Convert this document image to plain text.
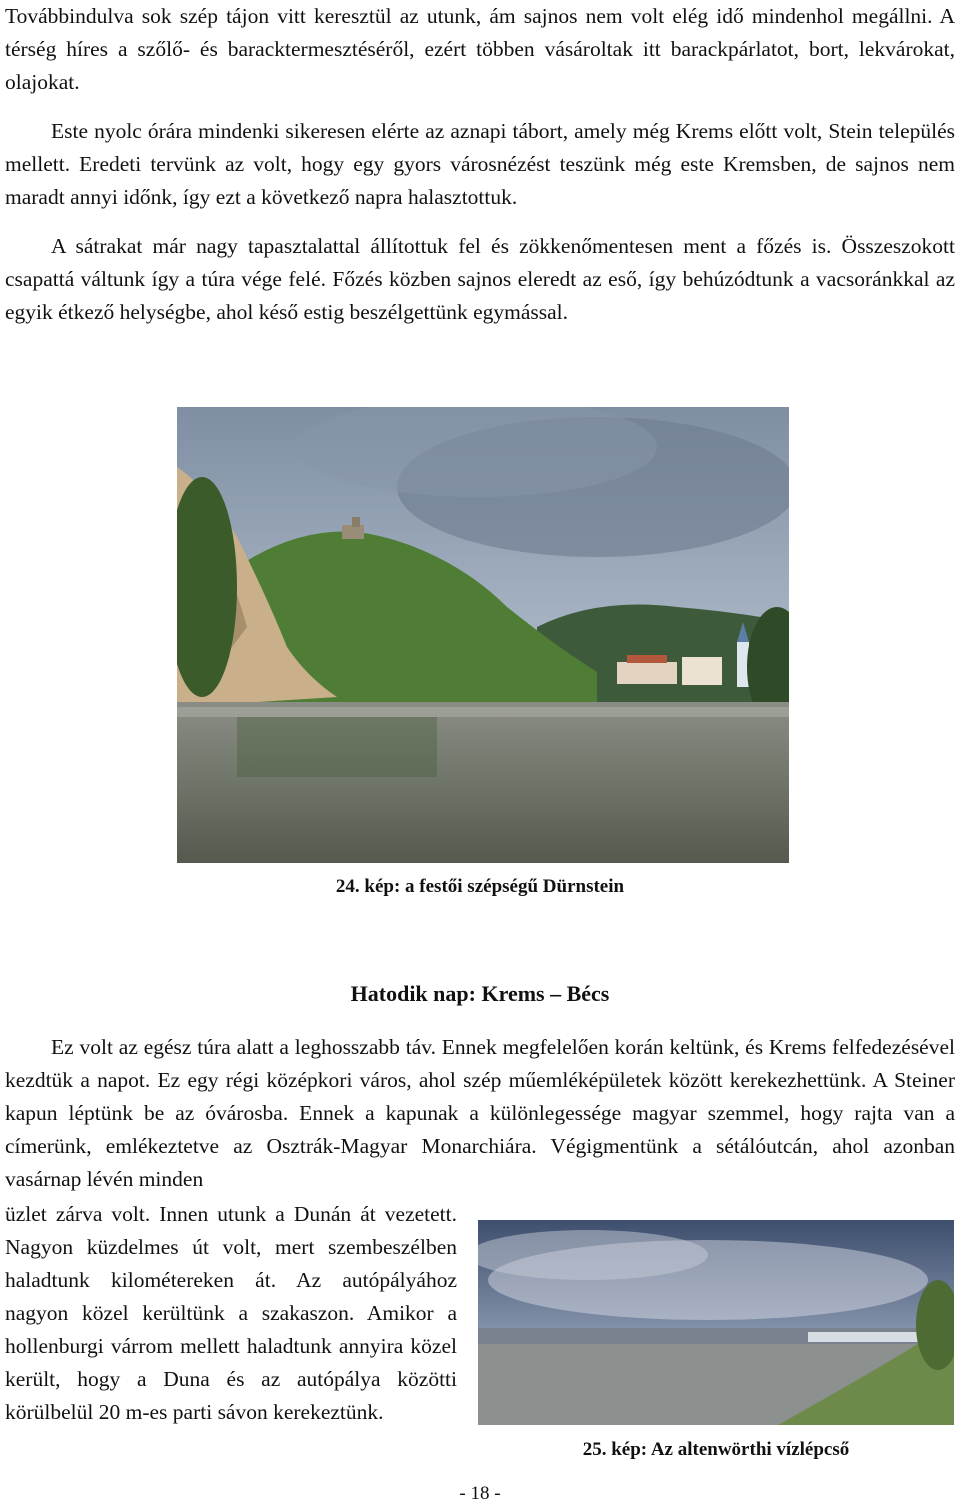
Továbbindulva sok szép tájon vitt keresztül az utunk, ám sajnos nem volt elég idő mindenhol megállni. A térség híres a szőlő- és baracktermesztéséről, ezért többen vásároltak itt barackpárlatot, bort, lekvárokat, olajokat.

Este nyolc órára mindenki sikeresen elérte az aznapi tábort, amely még Krems előtt volt, Stein település mellett. Eredeti tervünk az volt, hogy egy gyors városnézést teszünk még este Kremsben, de sajnos nem maradt annyi időnk, így ezt a következő napra halasztottuk.

A sátrakat már nagy tapasztalattal állítottuk fel és zökkenőmentesen ment a főzés is. Összeszokott csapattá váltunk így a túra vége felé. Főzés közben sajnos eleredt az eső, így behúzódtunk a vacsoránkkal az egyik étkező helységbe, ahol késő estig beszélgettünk egymással.

24. kép: a festői szépségű Dürnstein
Hatodik nap: Krems – Bécs

Ez volt az egész túra alatt a leghosszabb táv. Ennek megfelelően korán keltünk, és Krems felfedezésével kezdtük a napot. Ez egy régi középkori város, ahol szép műemléképületek között kerekezhettünk. A Steiner kapun léptünk be az óvárosba. Ennek a kapunak a különlegessége magyar szemmel, hogy rajta van a címerünk, emlékeztetve az Osztrák-Magyar Monarchiára. Végigmentünk a sétálóutcán, ahol azonban vasárnap lévén minden

üzlet zárva volt. Innen utunk a Dunán át vezetett. Nagyon küzdelmes út volt, mert szembeszélben haladtunk kilométereken át. Az autópályához nagyon közel kerültünk a szakaszon. Amikor a hollenburgi várrom mellett haladtunk annyira közel került, hogy a Duna és az autópálya közötti körülbelül 20 m-es parti sávon kerekeztünk.

25. kép: Az altenwörthi vízlépcső
- 18 -
